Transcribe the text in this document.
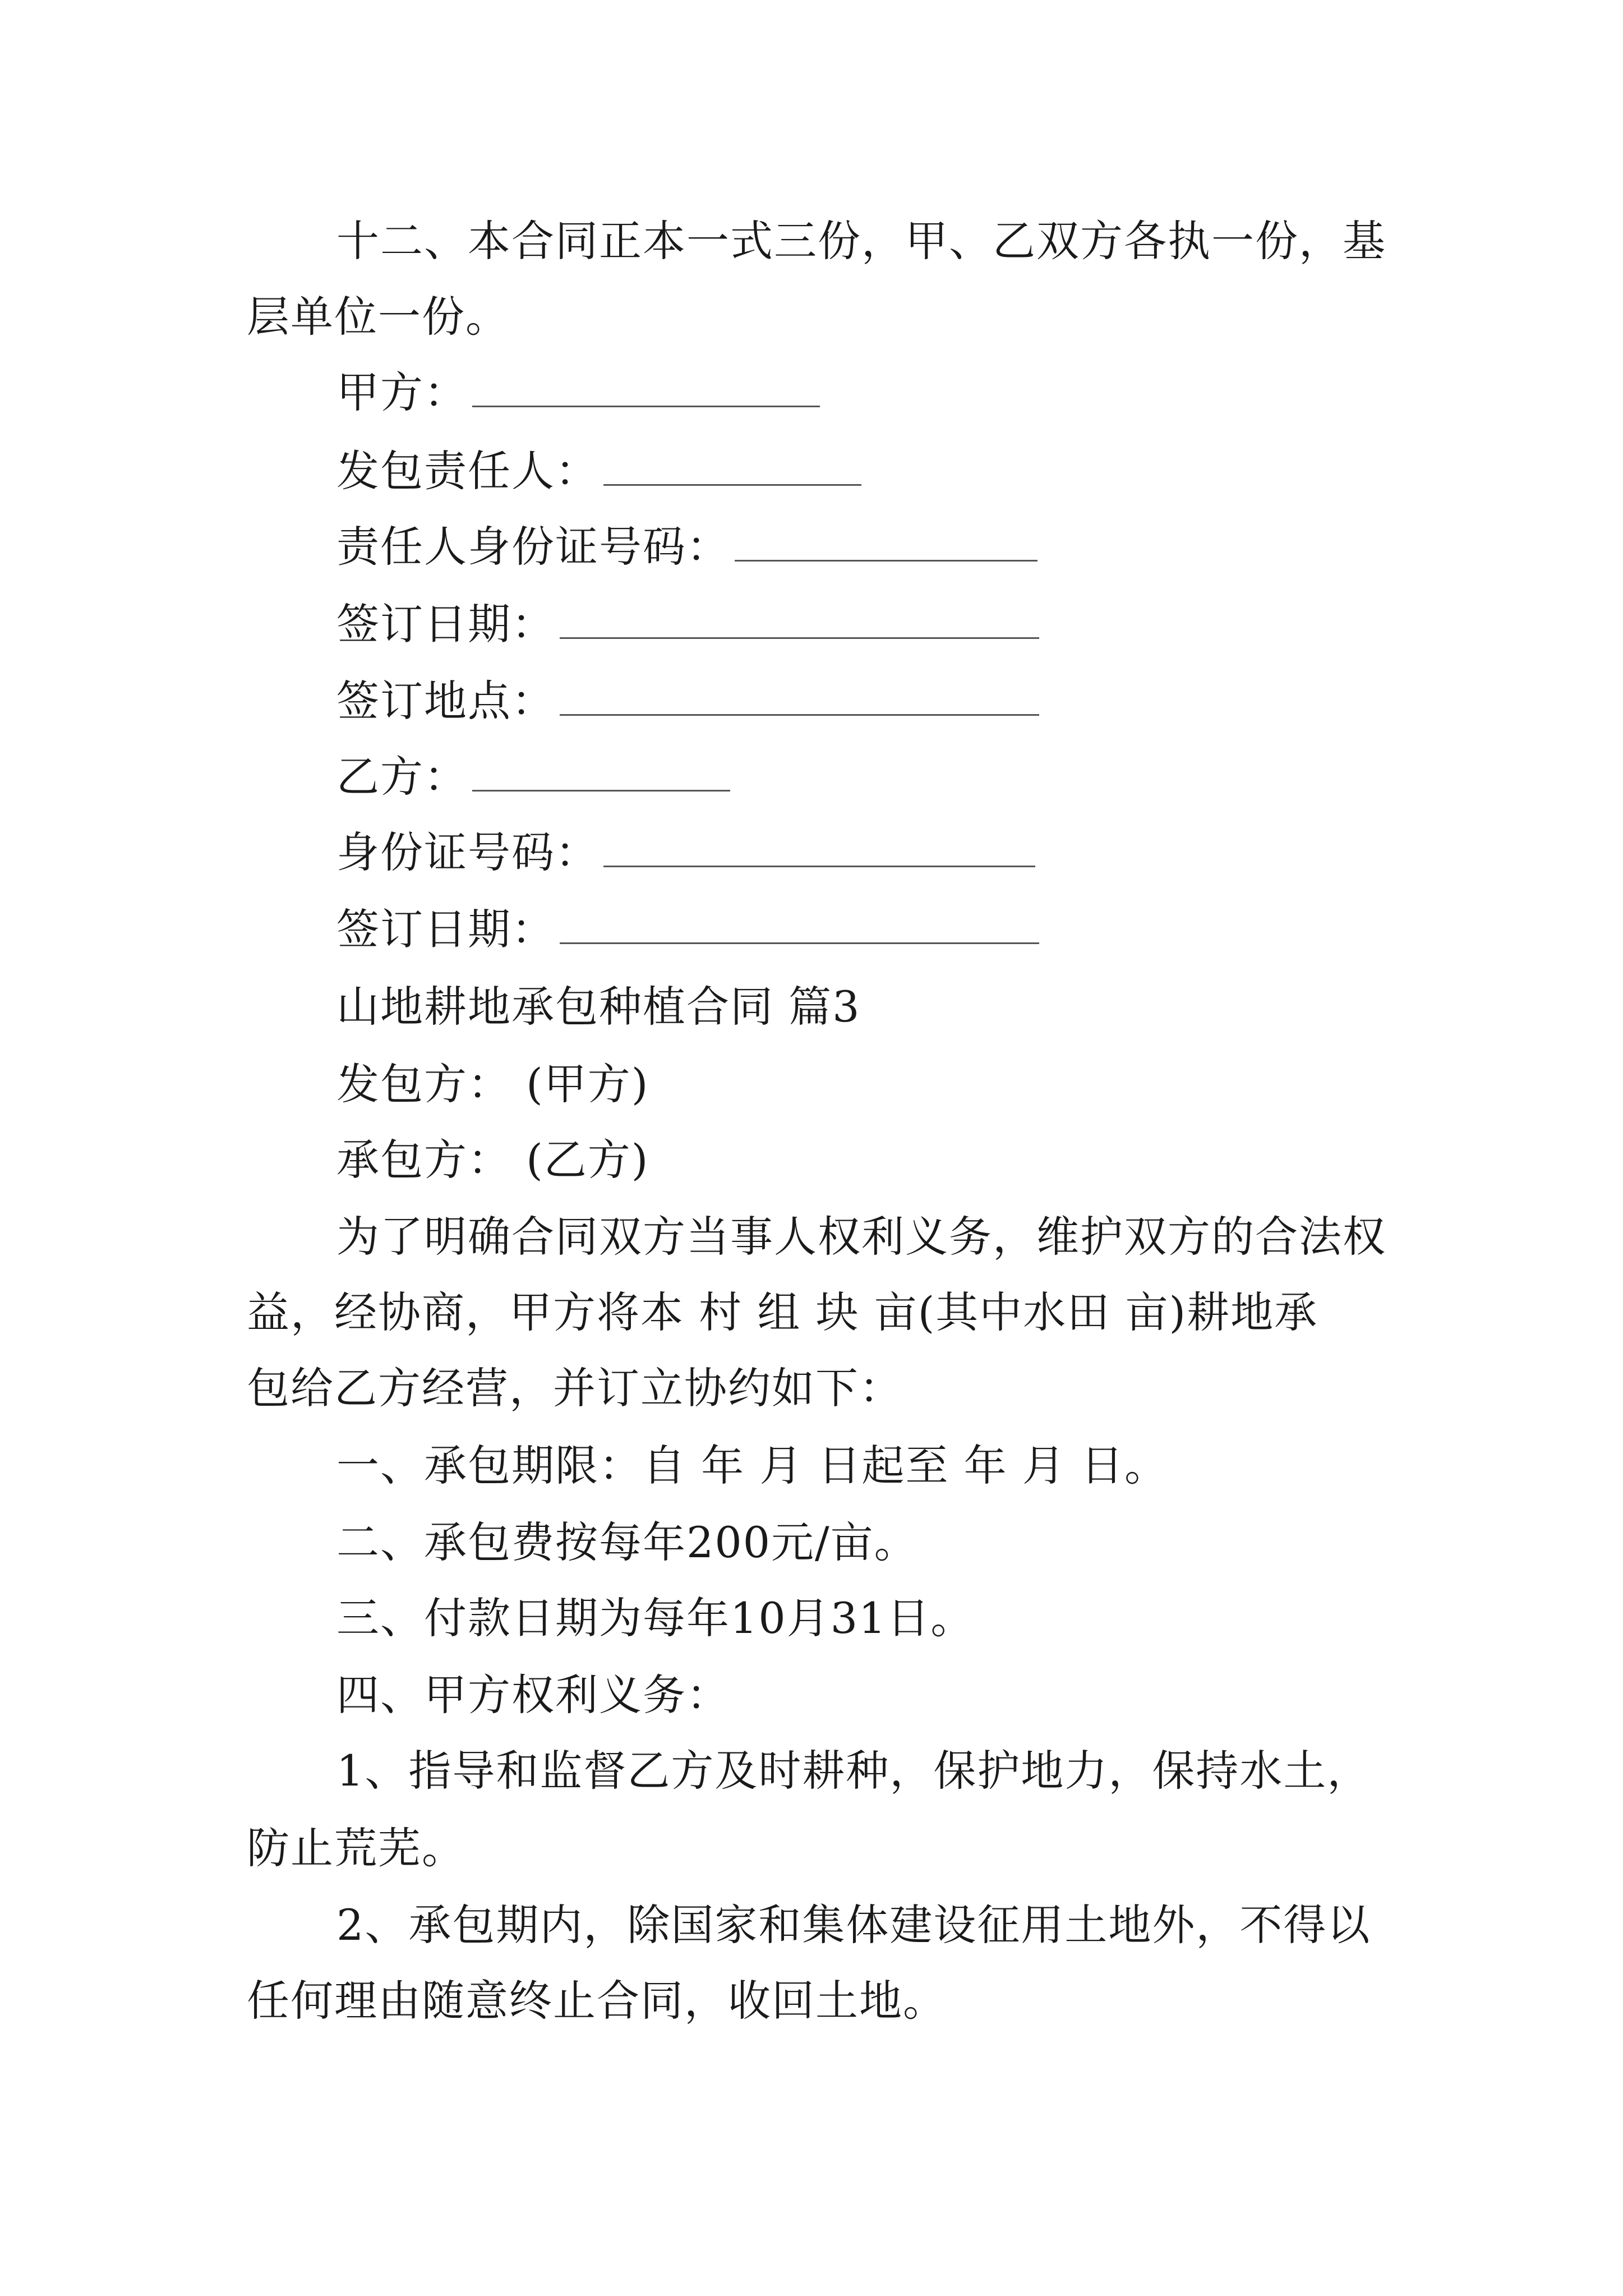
十二、本合同正本一式三份，甲、乙双方各执一份，基
层单位一份。
甲方：
发包责任人：
责任人身份证号码：
签订日期：
签订地点：
乙方：
身份证号码：
签订日期：
山地耕地承包种植合同 篇3
发包方： (甲方)
承包方： (乙方)
为了明确合同双方当事人权利义务，维护双方的合法权
益，经协商，甲方将本 村 组 块 亩(其中水田 亩)耕地承
包给乙方经营，并订立协约如下：
一、承包期限：自 年 月 日起至 年 月 日。
二、承包费按每年200元/亩。
三、付款日期为每年10月31日。
四、甲方权利义务：
1、指导和监督乙方及时耕种，保护地力，保持水土，
防止荒芜。
2、承包期内，除国家和集体建设征用土地外，不得以
任何理由随意终止合同，收回土地。
